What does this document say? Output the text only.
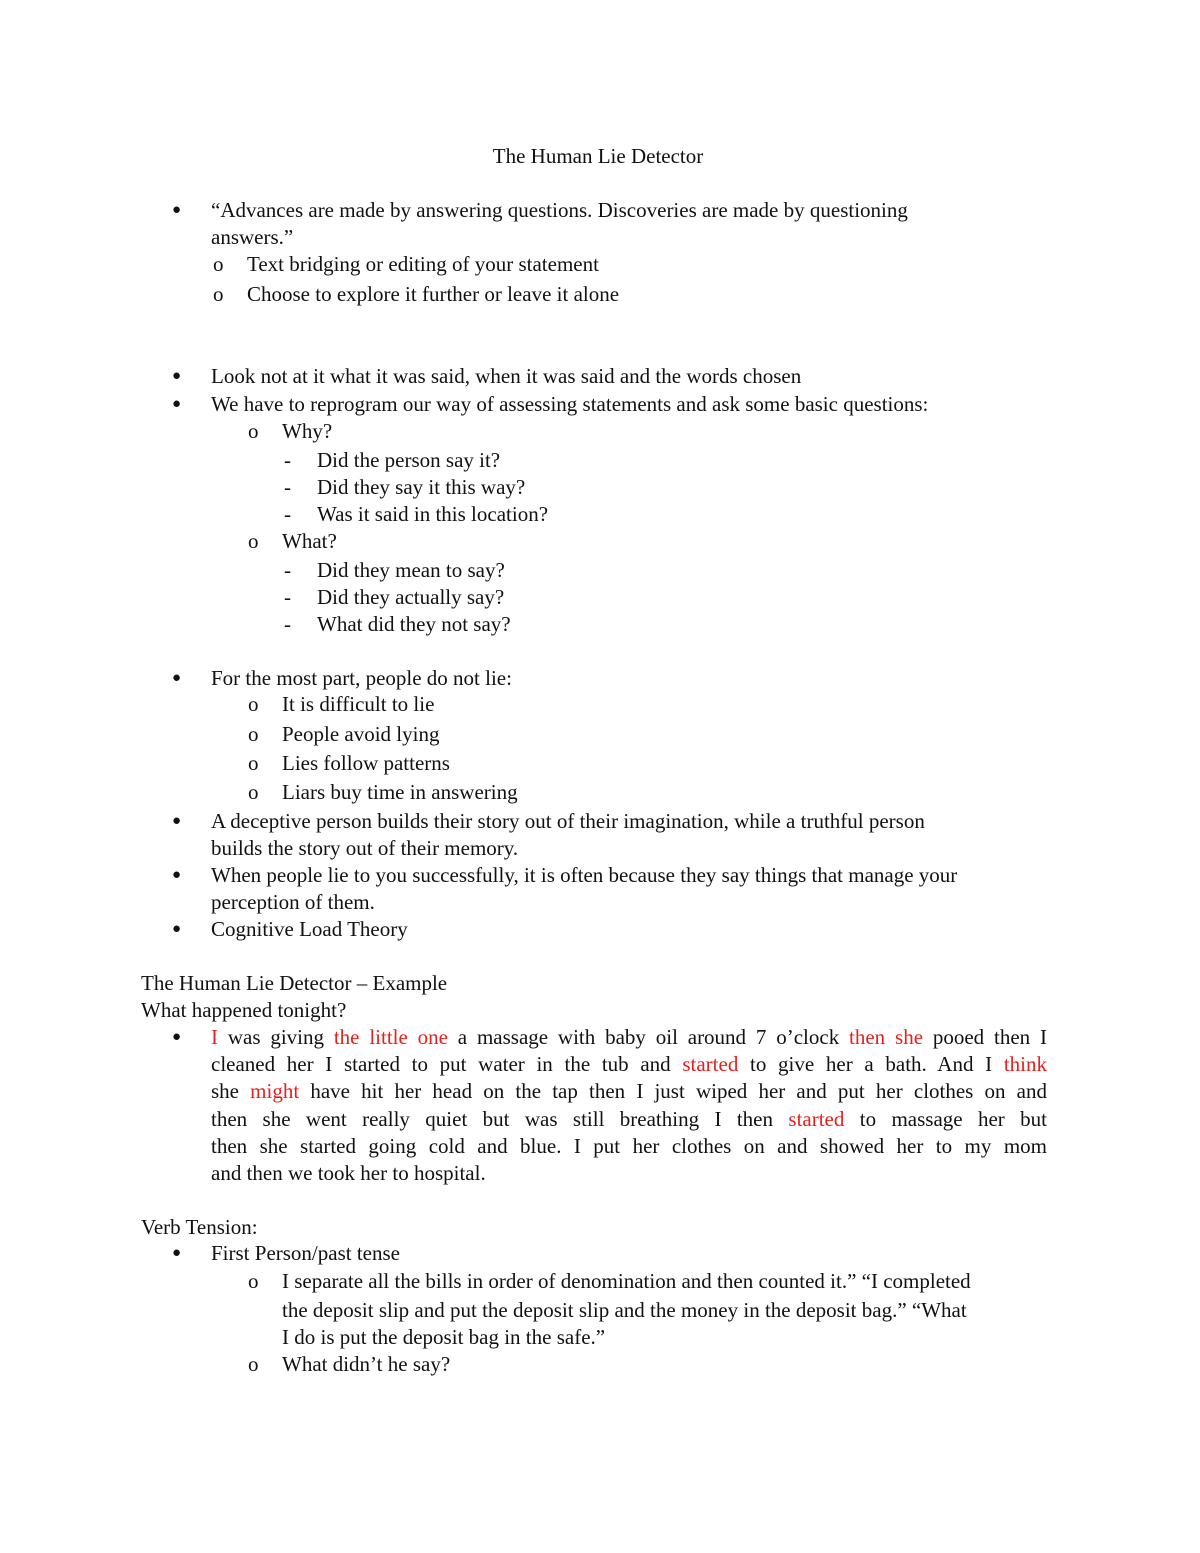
The Human Lie Detector
● “Advances are made by answering questions. Discoveries are made by questioning
answers.”
o Text bridging or editing of your statement
o Choose to explore it further or leave it alone
● Look not at it what it was said, when it was said and the words chosen
● We have to reprogram our way of assessing statements and ask some basic questions:
o Why?
- Did the person say it?
- Did they say it this way?
- Was it said in this location?
o What?
- Did they mean to say?
- Did they actually say?
- What did they not say?
● For the most part, people do not lie:
o It is difficult to lie
o People avoid lying
o Lies follow patterns
o Liars buy time in answering
● A deceptive person builds their story out of their imagination, while a truthful person
builds the story out of their memory.
● When people lie to you successfully, it is often because they say things that manage your
perception of them.
● Cognitive Load Theory
The Human Lie Detector – Example
What happened tonight?
● I was giving the little one a massage with baby oil around 7 o’clock then she pooed then I
cleaned her I started to put water in the tub and started to give her a bath. And I think
she might have hit her head on the tap then I just wiped her and put her clothes on and
then she went really quiet but was still breathing I then started to massage her but
then she started going cold and blue. I put her clothes on and showed her to my mom
and then we took her to hospital.
Verb Tension:
● First Person/past tense
o I separate all the bills in order of denomination and then counted it.” “I completed
the deposit slip and put the deposit slip and the money in the deposit bag.” “What
I do is put the deposit bag in the safe.”
o What didn’t he say?
